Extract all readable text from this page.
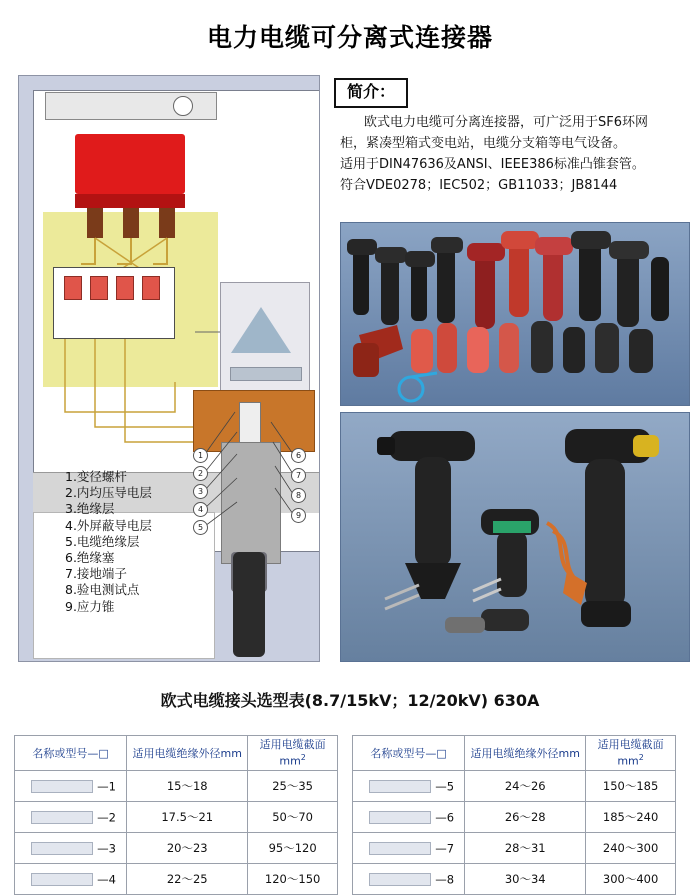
电力电缆可分离式连接器
1
2
3
4
5
6
7
8
9
1.变径螺杆
2.内均压导电层
3.绝缘层
4.外屏蔽导电层
5.电缆绝缘层
6.绝缘塞
7.接地端子
8.验电测试点
9.应力锥
简介：

欧式电力电缆可分离连接器，可广泛用于SF6环网

柜，紧凑型箱式变电站，电缆分支箱等电气设备。

适用于DIN47636及ANSI、IEEE386标准凸锥套管。

符合VDE0278；IEC502；GB11033；JB8144

欧式电缆接头选型表(8.7/15kV；12/20kV) 630A
名称或型号—□	适用电缆绝缘外径mm	适用电缆截面
$mm^2$
—1	15～18	25～35
—2	17.5～21	50～70
—3	20～23	95～120
—4	22～25	120～150
名称或型号—□	适用电缆绝缘外径mm	适用电缆截面
$mm^2$
—5	24～26	150～185
—6	26～28	185～240
—7	28～31	240～300
—8	30～34	300～400
